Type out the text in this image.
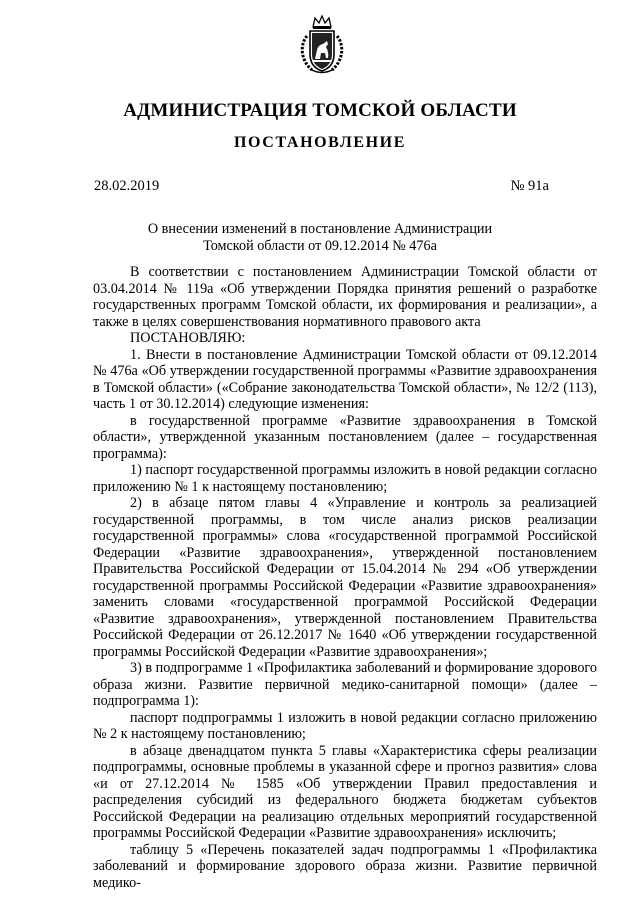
АДМИНИСТРАЦИЯ ТОМСКОЙ ОБЛАСТИ
ПОСТАНОВЛЕНИЕ
28.02.2019	№ 91а
О внесении изменений в постановление Администрации
Томской области от 09.12.2014 № 476а

В соответствии с постановлением Администрации Томской области от 03.04.2014 № 119а «Об утверждении Порядка принятия решений о разработке государственных программ Томской области, их формирования и реализации», а также в целях совершенствования нормативного правового акта

ПОСТАНОВЛЯЮ:

1. Внести в постановление Администрации Томской области от 09.12.2014 № 476а «Об утверждении государственной программы «Развитие здравоохранения в Томской области» («Собрание законодательства Томской области», № 12/2 (113), часть 1 от 30.12.2014) следующие изменения:

в государственной программе «Развитие здравоохранения в Томской области», утвержденной указанным постановлением (далее – государственная программа):

1) паспорт государственной программы изложить в новой редакции согласно приложению № 1 к настоящему постановлению;

2) в абзаце пятом главы 4 «Управление и контроль за реализацией государственной программы, в том числе анализ рисков реализации государственной программы» слова «государственной программой Российской Федерации «Развитие здравоохранения», утвержденной постановлением Правительства Российской Федерации от 15.04.2014 № 294 «Об утверждении государственной программы Российской Федерации «Развитие здравоохранения» заменить словами «государственной программой Российской Федерации «Развитие здравоохранения», утвержденной постановлением Правительства Российской Федерации от 26.12.2017 № 1640 «Об утверждении государственной программы Российской Федерации «Развитие здравоохранения»;

3) в подпрограмме 1 «Профилактика заболеваний и формирование здорового образа жизни. Развитие первичной медико-санитарной помощи» (далее – подпрограмма 1):

паспорт подпрограммы 1 изложить в новой редакции согласно приложению № 2 к настоящему постановлению;

в абзаце двенадцатом пункта 5 главы «Характеристика сферы реализации подпрограммы, основные проблемы в указанной сфере и прогноз развития» слова «и от 27.12.2014 № 1585 «Об утверждении Правил предоставления и распределения субсидий из федерального бюджета бюджетам субъектов Российской Федерации на реализацию отдельных мероприятий государственной программы Российской Федерации «Развитие здравоохранения» исключить;

таблицу 5 «Перечень показателей задач подпрограммы 1 «Профилактика заболеваний и формирование здорового образа жизни. Развитие первичной медико-
